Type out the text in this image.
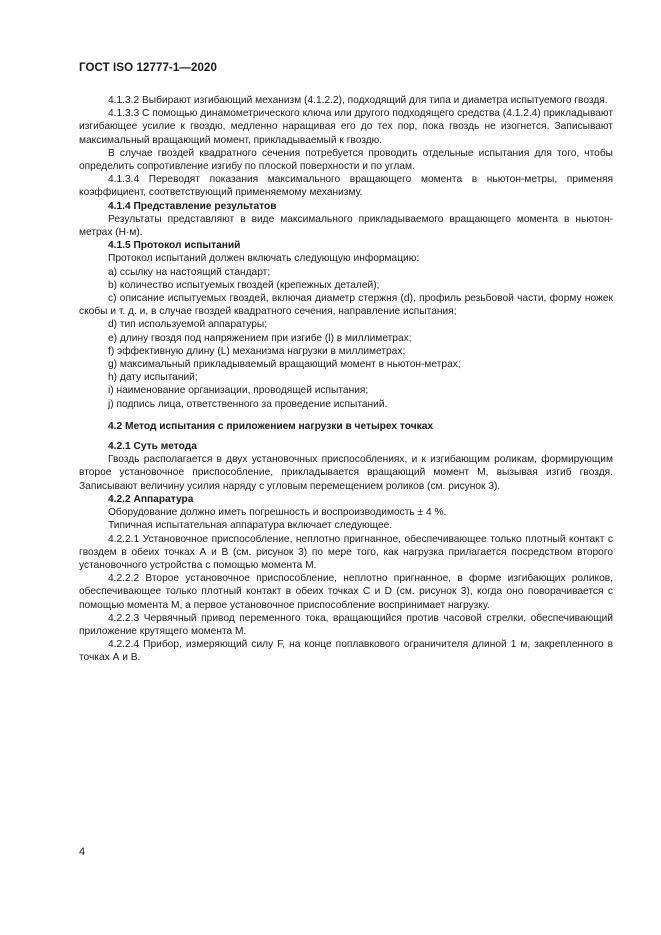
ГОСТ ISO 12777-1—2020

4.1.3.2 Выбирают изгибающий механизм (4.1.2.2), подходящий для типа и диаметра испытуемого гвоздя.

4.1.3.3 С помощью динамометрического ключа или другого подходящего средства (4.1.2.4) прикладывают изгибающее усилие к гвоздю, медленно наращивая его до тех пор, пока гвоздь не изогнется. Записывают максимальный вращающий момент, прикладываемый к гвоздю.

В случае гвоздей квадратного сечения потребуется проводить отдельные испытания для того, чтобы определить сопротивление изгибу по плоской поверхности и по углам.

4.1.3.4 Переводят показания максимального вращающего момента в ньютон-метры, применяя коэффициент, соответствующий применяемому механизму.

4.1.4 Представление результатов

Результаты представляют в виде максимального прикладываемого вращающего момента в ньютон-метрах (Н·м).

4.1.5 Протокол испытаний

Протокол испытаний должен включать следующую информацию:

a) ссылку на настоящий стандарт;

b) количество испытуемых гвоздей (крепежных деталей);

c) описание испытуемых гвоздей, включая диаметр стержня (d), профиль резьбовой части, форму ножек скобы и т. д. и, в случае гвоздей квадратного сечения, направление испытания;

d) тип используемой аппаратуры;

e) длину гвоздя под напряжением при изгибе (l) в миллиметрах;

f) эффективную длину (L) механизма нагрузки в миллиметрах;

g) максимальный прикладываемый вращающий момент в ньютон-метрах;

h) дату испытаний;

i) наименование организации, проводящей испытания;

j) подпись лица, ответственного за проведение испытаний.

4.2 Метод испытания с приложением нагрузки в четырех точках

4.2.1 Суть метода

Гвоздь располагается в двух установочных приспособлениях, и к изгибающим роликам, формирующим второе установочное приспособление, прикладывается вращающий момент M, вызывая изгиб гвоздя. Записывают величину усилия наряду с угловым перемещением роликов (см. рисунок 3).

4.2.2 Аппаратура

Оборудование должно иметь погрешность и воспроизводимость ± 4 %.

Типичная испытательная аппаратура включает следующее.

4.2.2.1 Установочное приспособление, неплотно пригнанное, обеспечивающее только плотный контакт с гвоздем в обеих точках А и В (см. рисунок 3) по мере того, как нагрузка прилагается посредством второго установочного устройства с помощью момента M.

4.2.2.2 Второе установочное приспособление, неплотно пригнанное, в форме изгибающих роликов, обеспечивающее только плотный контакт в обеих точках С и D (см. рисунок 3), когда оно поворачивается с помощью момента M, а первое установочное приспособление воспринимает нагрузку.

4.2.2.3 Червячный привод переменного тока, вращающийся против часовой стрелки, обеспечивающий приложение крутящего момента M.

4.2.2.4 Прибор, измеряющий силу F, на конце поплавкового ограничителя длиной 1 м, закрепленного в точках А и В.

4
